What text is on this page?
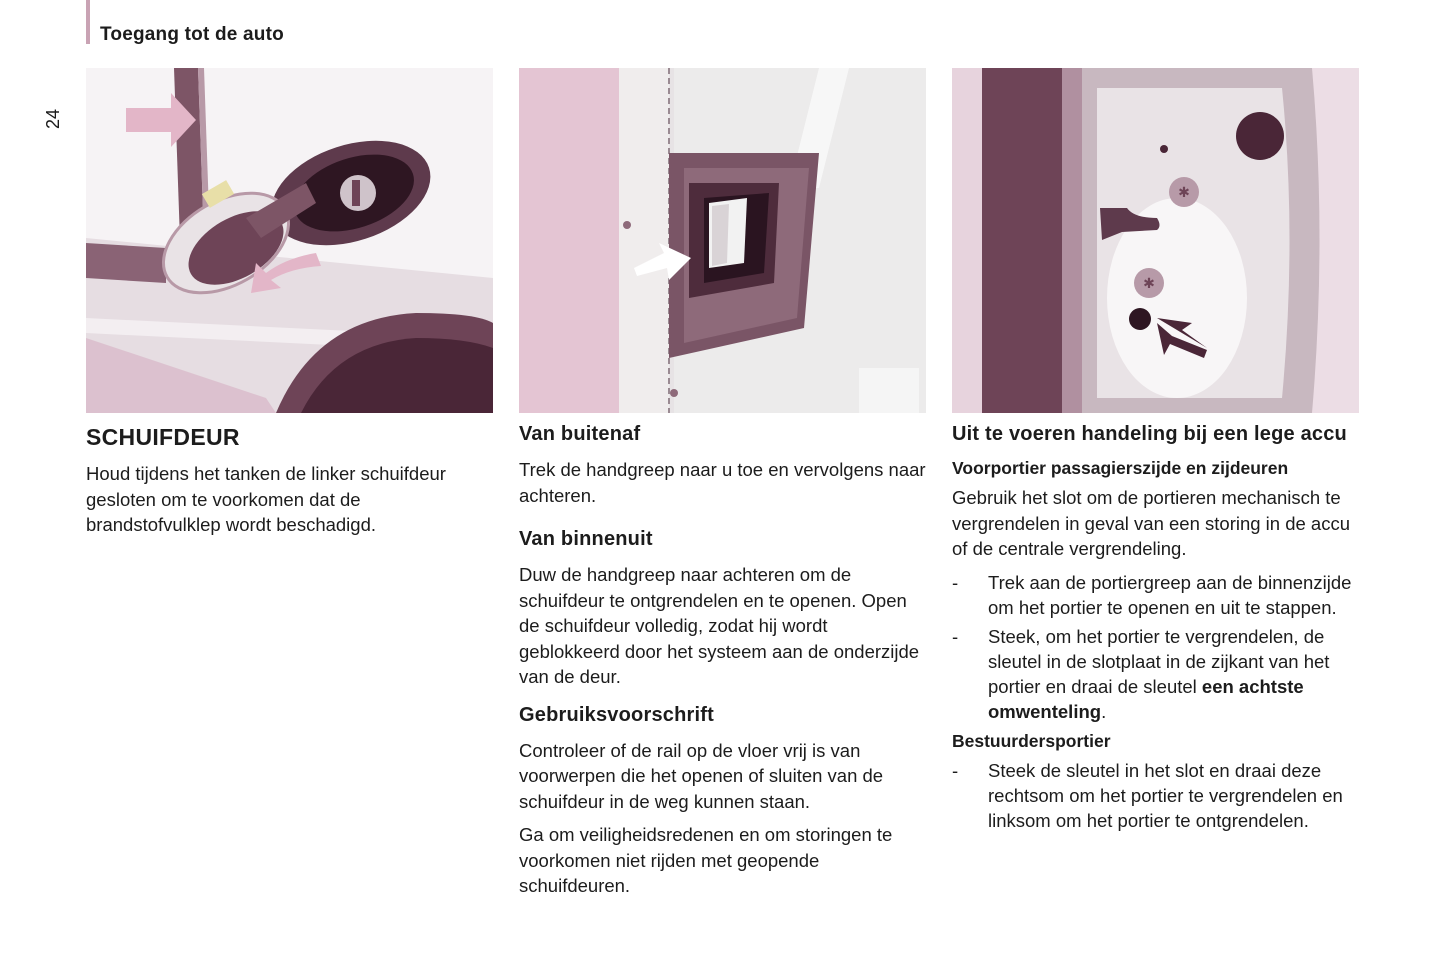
Toegang tot de auto
24
SCHUIFDEUR

Houd tijdens het tanken de linker schuifdeur gesloten om te voorkomen dat de brandstofvulklep wordt beschadigd.

Van buitenaf

Trek de handgreep naar u toe en vervolgens naar achteren.

Van binnenuit

Duw de handgreep naar achteren om de schuifdeur te ontgrendelen en te openen. Open de schuifdeur volledig, zodat hij wordt geblokkeerd door het systeem aan de onderzijde van de deur.

Gebruiksvoorschrift

Controleer of de rail op de vloer vrij is van voorwerpen die het openen of sluiten van de schuifdeur in de weg kunnen staan.

Ga om veiligheidsredenen en om storingen te voorkomen niet rijden met geopende schuifdeuren.

✱
✱
Uit te voeren handeling bij een lege accu
Voorportier passagierszijde en zijdeuren

Gebruik het slot om de portieren mechanisch te vergrendelen in geval van een storing in de accu of de centrale vergrendeling.

- Trek aan de portiergreep aan de binnenzijde om het portier te openen en uit te stappen.
- Steek, om het portier te vergrendelen, de sleutel in de slotplaat in de zijkant van het portier en draai de sleutel een achtste omwenteling.
Bestuurdersportier
- Steek de sleutel in het slot en draai deze rechtsom om het portier te vergrendelen en linksom om het portier te ontgrendelen.
